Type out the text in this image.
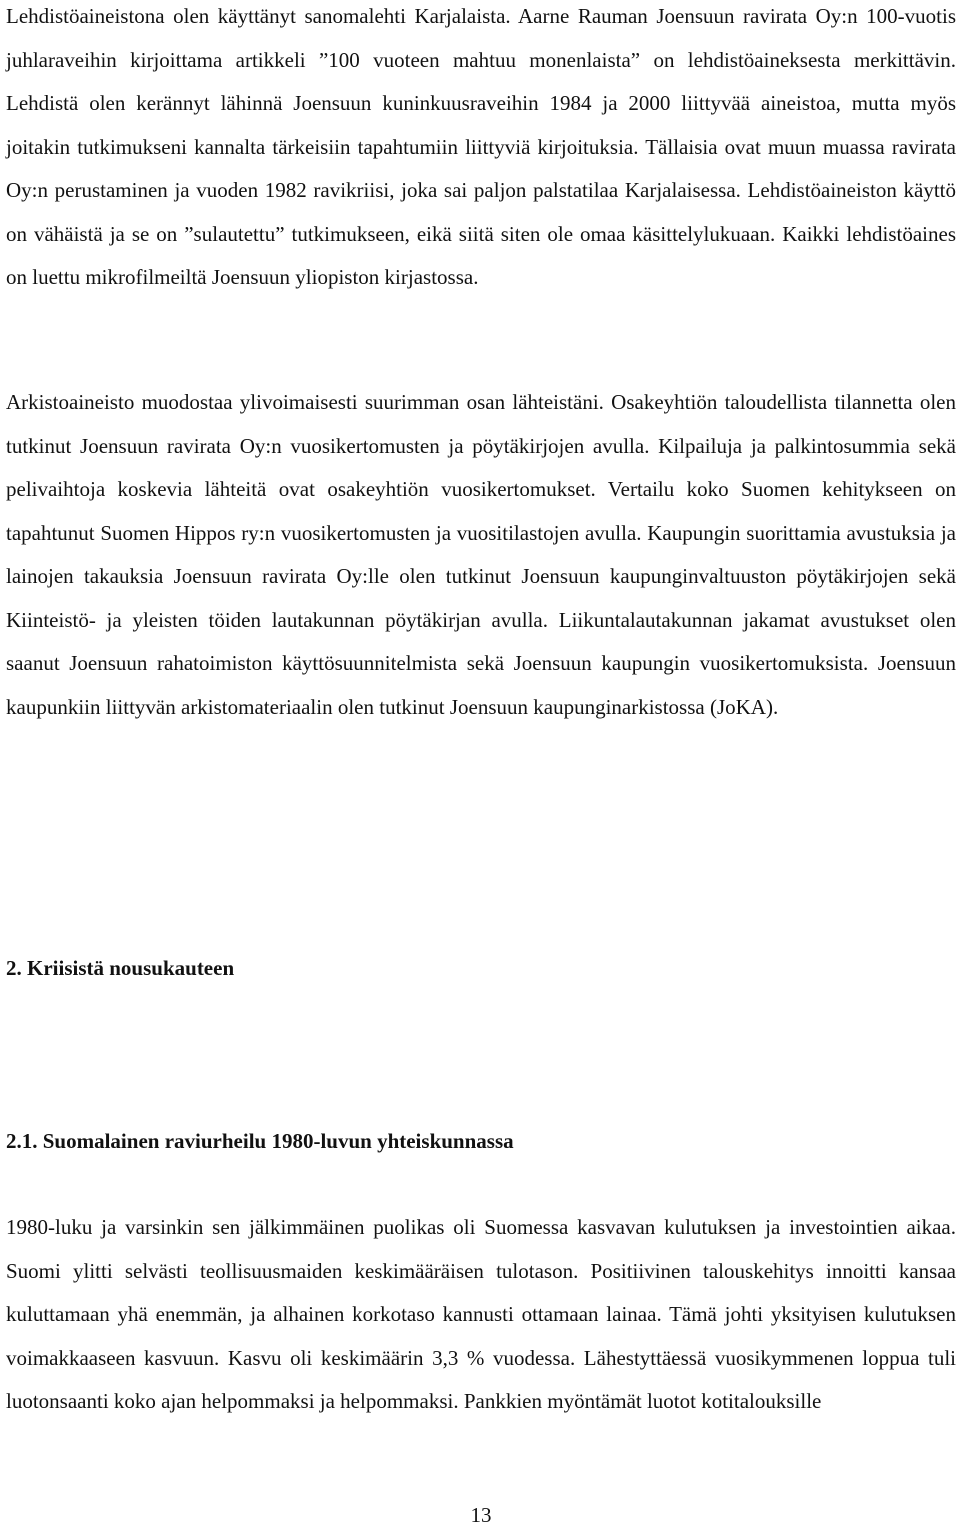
Lehdistöaineistona olen käyttänyt sanomalehti Karjalaista. Aarne Rauman Joensuun ravirata Oy:n 100-vuotis juhlaraveihin kirjoittama artikkeli ”100 vuoteen mahtuu monenlaista” on lehdistöaineksesta merkittävin. Lehdistä olen kerännyt lähinnä Joensuun kuninkuusraveihin 1984 ja 2000 liittyvää aineistoa, mutta myös joitakin tutkimukseni kannalta tärkeisiin tapahtumiin liittyviä kirjoituksia. Tällaisia ovat muun muassa ravirata Oy:n perustaminen ja vuoden 1982 ravikriisi, joka sai paljon palstatilaa Karjalaisessa. Lehdistöaineiston käyttö on vähäistä ja se on ”sulautettu” tutkimukseen, eikä siitä siten ole omaa käsittelylukuaan. Kaikki lehdistöaines on luettu mikrofilmeiltä Joensuun yliopiston kirjastossa.

Arkistoaineisto muodostaa ylivoimaisesti suurimman osan lähteistäni. Osakeyhtiön taloudellista tilannetta olen tutkinut Joensuun ravirata Oy:n vuosikertomusten ja pöytäkirjojen avulla. Kilpailuja ja palkintosummia sekä pelivaihtoja koskevia lähteitä ovat osakeyhtiön vuosikertomukset. Vertailu koko Suomen kehitykseen on tapahtunut Suomen Hippos ry:n vuosikertomusten ja vuositilastojen avulla. Kaupungin suorittamia avustuksia ja lainojen takauksia Joensuun ravirata Oy:lle olen tutkinut Joensuun kaupunginvaltuuston pöytäkirjojen sekä Kiinteistö- ja yleisten töiden lautakunnan pöytäkirjan avulla. Liikuntalautakunnan jakamat avustukset olen saanut Joensuun rahatoimiston käyttösuunnitelmista sekä Joensuun kaupungin vuosikertomuksista. Joensuun kaupunkiin liittyvän arkistomateriaalin olen tutkinut Joensuun kaupunginarkistossa (JoKA).

2. Kriisistä nousukauteen
2.1. Suomalainen raviurheilu 1980-luvun yhteiskunnassa

1980-luku ja varsinkin sen jälkimmäinen puolikas oli Suomessa kasvavan kulutuksen ja investointien aikaa. Suomi ylitti selvästi teollisuusmaiden keskimääräisen tulotason. Positiivinen talouskehitys innoitti kansaa kuluttamaan yhä enemmän, ja alhainen korkotaso kannusti ottamaan lainaa. Tämä johti yksityisen kulutuksen voimakkaaseen kasvuun. Kasvu oli keskimäärin 3,3 % vuodessa. Lähestyttäessä vuosikymmenen loppua tuli luotonsaanti koko ajan helpommaksi ja helpommaksi. Pankkien myöntämät luotot kotitalouksille

13
